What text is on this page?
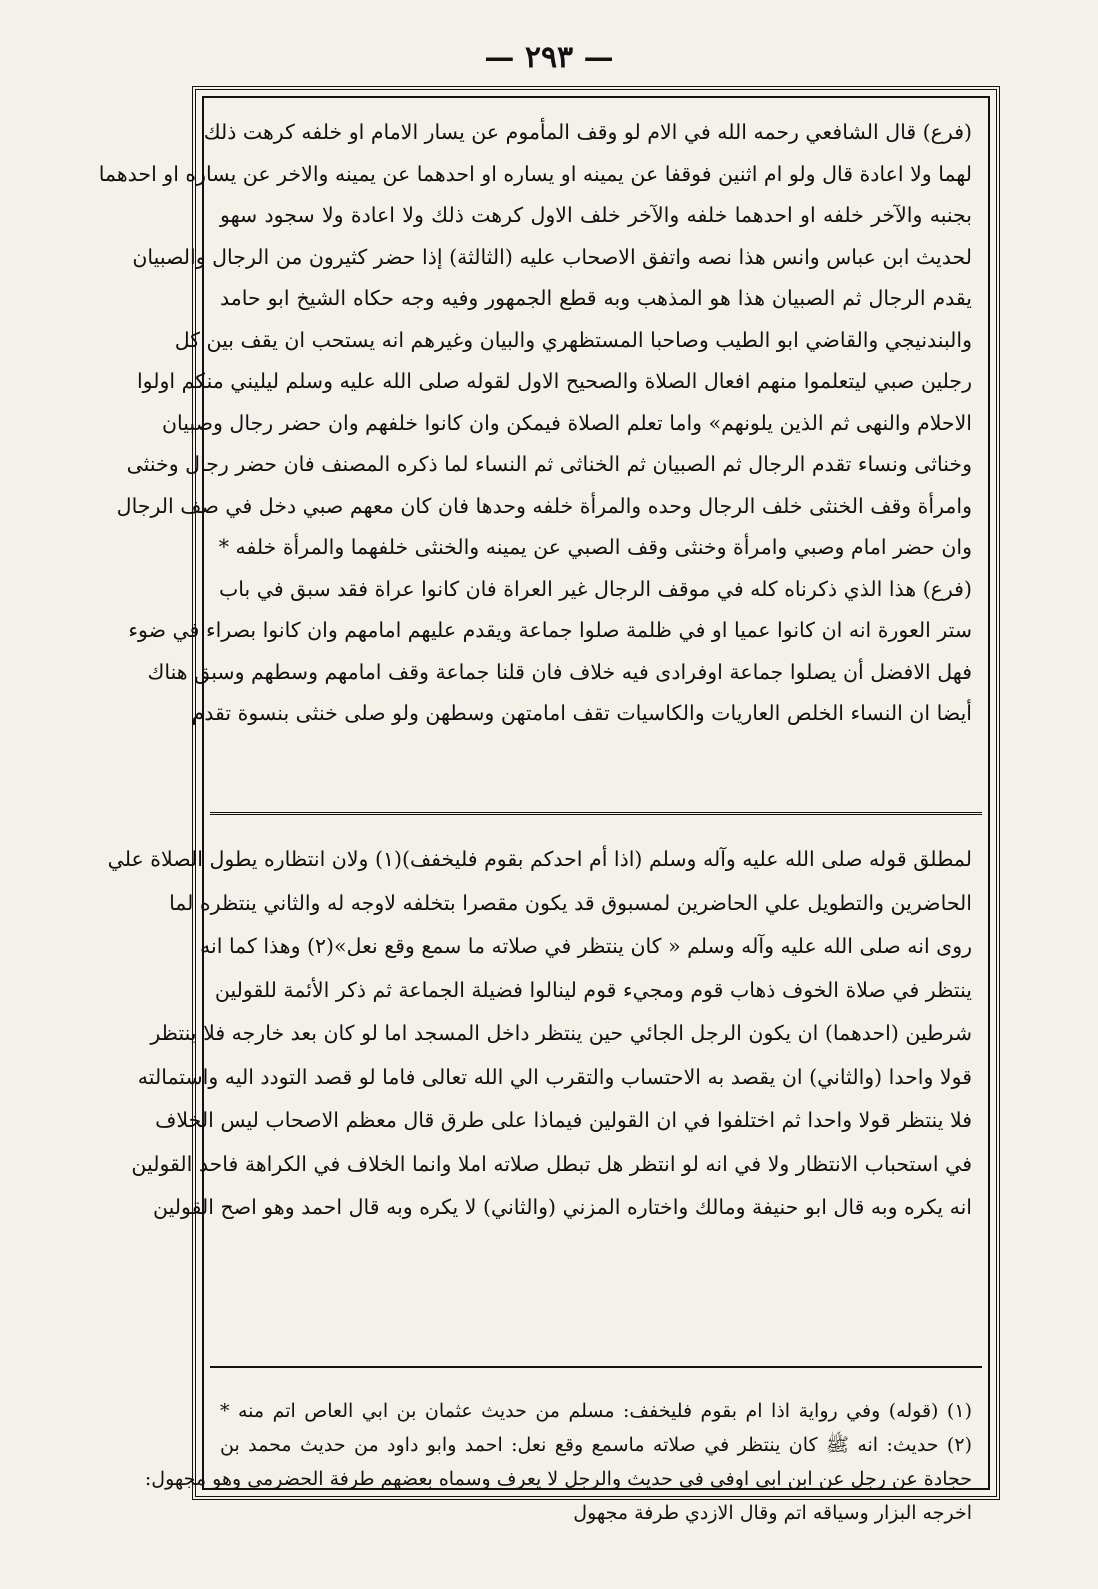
— ٢٩٣ —
(فرع) قال الشافعي رحمه الله في الام لو وقف المأموم عن يسار الامام او خلفه كرهت ذلك
لهما ولا اعادة قال ولو ام اثنين فوقفا عن يمينه او يساره او احدهما عن يمينه والاخر عن يساره او احدهما
بجنبه والآخر خلفه او احدهما خلفه والآخر خلف الاول كرهت ذلك ولا اعادة ولا سجود سهو
لحديث ابن عباس وانس هذا نصه واتفق الاصحاب عليه (الثالثة) إذا حضر كثيرون من الرجال والصبيان
يقدم الرجال ثم الصبيان هذا هو المذهب وبه قطع الجمهور وفيه وجه حكاه الشيخ ابو حامد
والبندنيجي والقاضي ابو الطيب وصاحبا المستظهري والبيان وغيرهم انه يستحب ان يقف بين كل
رجلين صبي ليتعلموا منهم افعال الصلاة والصحيح الاول لقوله صلى الله عليه وسلم ليليني منكم اولوا
الاحلام والنهى ثم الذين يلونهم» واما تعلم الصلاة فيمكن وان كانوا خلفهم وان حضر رجال وصبيان
وخناثى ونساء تقدم الرجال ثم الصبيان ثم الخناثى ثم النساء لما ذكره المصنف فان حضر رجال وخنثى
وامرأة وقف الخنثى خلف الرجال وحده والمرأة خلفه وحدها فان كان معهم صبي دخل في صف الرجال
وان حضر امام وصبي وامرأة وخنثى وقف الصبي عن يمينه والخنثى خلفهما والمرأة خلفه *
(فرع) هذا الذي ذكرناه كله في موقف الرجال غير العراة فان كانوا عراة فقد سبق في باب
ستر العورة انه ان كانوا عميا او في ظلمة صلوا جماعة ويقدم عليهم امامهم وان كانوا بصراء في ضوء
فهل الافضل أن يصلوا جماعة اوفرادى فيه خلاف فان قلنا جماعة وقف امامهم وسطهم وسبق هناك
أيضا ان النساء الخلص العاريات والكاسيات تقف امامتهن وسطهن ولو صلى خنثى بنسوة تقدم
لمطلق قوله صلى الله عليه وآله وسلم (اذا أم احدكم بقوم فليخفف)(١) ولان انتظاره يطول الصلاة علي
الحاضرين والتطويل علي الحاضرين لمسبوق قد يكون مقصرا بتخلفه لاوجه له والثاني ينتظره لما
روى انه صلى الله عليه وآله وسلم « كان ينتظر في صلاته ما سمع وقع نعل»(٢) وهذا كما انه
ينتظر في صلاة الخوف ذهاب قوم ومجيء قوم لينالوا فضيلة الجماعة ثم ذكر الأئمة للقولين
شرطين (احدهما) ان يكون الرجل الجائي حين ينتظر داخل المسجد اما لو كان بعد خارجه فلا ينتظر
قولا واحدا (والثاني) ان يقصد به الاحتساب والتقرب الي الله تعالى فاما لو قصد التودد اليه واستمالته
فلا ينتظر قولا واحدا ثم اختلفوا في ان القولين فيماذا على طرق قال معظم الاصحاب ليس الخلاف
في استحباب الانتظار ولا في انه لو انتظر هل تبطل صلاته املا وانما الخلاف في الكراهة فاحد القولين
انه يكره وبه قال ابو حنيفة ومالك واختاره المزني (والثاني) لا يكره وبه قال احمد وهو اصح القولين
(١) (قوله) وفي رواية اذا ام بقوم فليخفف: مسلم من حديث عثمان بن ابي العاص اتم منه *
(٢) حديث: انه ﷺ كان ينتظر في صلاته ماسمع وقع نعل: احمد وابو داود من حديث محمد بن
حجادة عن رجل عن ابن ابي اوفى في حديث والرجل لا يعرف وسماه بعضهم طرفة الحضرمي وهو مجهول:
اخرجه البزار وسياقه اتم وقال الازدي طرفة مجهول
